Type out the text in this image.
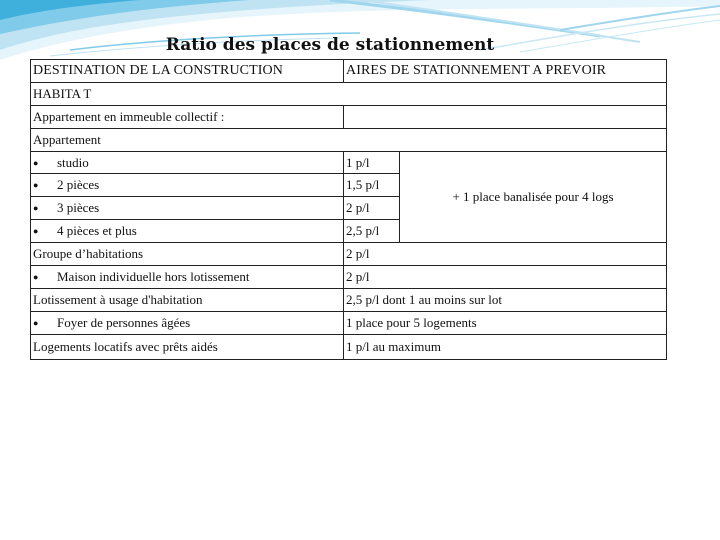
Ratio des places de stationnement
DESTINATION DE LA CONSTRUCTION	AIRES DE STATIONNEMENT A PREVOIR	
HABITA T		
Appartement en immeuble collectif :		
Appartement		
● studio	1 p/l	+ 1 place banalisée pour 4 logs
● 2 pièces	1,5 p/l	
● 3 pièces	2 p/l	
● 4 pièces et plus	2,5 p/l	
Groupe d’habitations	2 p/l	
● Maison individuelle hors lotissement	2 p/l	
Lotissement à usage d'habitation	2,5 p/l dont 1 au moins sur lot	
● Foyer de personnes âgées	1 place pour 5 logements	
Logements locatifs avec prêts aidés	1 p/l au maximum	
